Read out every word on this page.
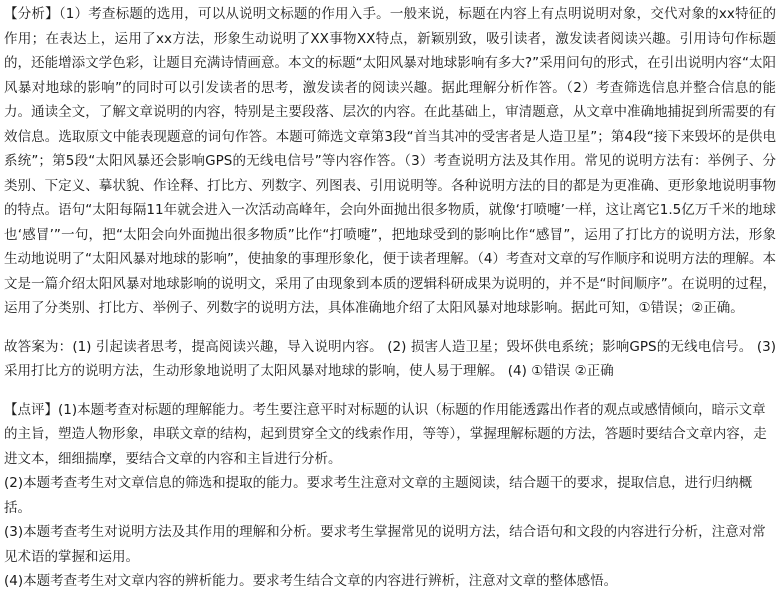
【分析】（1）考查标题的选用，可以从说明文标题的作用入手。一般来说，标题在内容上有点明说明对象，交代对象的xx特征的作用；在表达上，运用了xx方法，形象生动说明了XX事物XX特点，新颖别致，吸引读者，激发读者阅读兴趣。引用诗句作标题的，还能增添文学色彩，让题目充满诗情画意。本文的标题“太阳风暴对地球影响有多大?”采用问句的形式，在引出说明内容“太阳风暴对地球的影响”的同时可以引发读者的思考，激发读者的阅读兴趣。据此理解分析作答。（2）考查筛选信息并整合信息的能力。通读全文，了解文章说明的内容，特别是主要段落、层次的内容。在此基础上，审清题意，从文章中准确地捕捉到所需要的有效信息。选取原文中能表现题意的词句作答。本题可筛选文章第3段“首当其冲的受害者是人造卫星”；第4段“接下来毁坏的是供电系统”；第5段“太阳风暴还会影响GPS的无线电信号”等内容作答。（3）考查说明方法及其作用。常见的说明方法有：举例子、分类别、下定义、摹状貌、作诠释、打比方、列数字、列图表、引用说明等。各种说明方法的目的都是为更准确、更形象地说明事物的特点。语句“太阳每隔11年就会进入一次活动高峰年，会向外面抛出很多物质，就像‘打喷嚏’一样，这让离它1.5亿万千米的地球也‘感冒’”一句，把“太阳会向外面抛出很多物质”比作“打喷嚏”，把地球受到的影响比作“感冒”，运用了打比方的说明方法，形象生动地说明了“太阳风暴对地球的影响”，使抽象的事理形象化，便于读者理解。（4）考查对文章的写作顺序和说明方法的理解。本文是一篇介绍太阳风暴对地球影响的说明文，采用了由现象到本质的逻辑科研成果为说明的，并不是“时间顺序”。在说明的过程，运用了分类别、打比方、举例子、列数字的说明方法，具体准确地介绍了太阳风暴对地球影响。据此可知，①错误；②正确。

故答案为：(1) 引起读者思考，提高阅读兴趣，导入说明内容。 (2) 损害人造卫星；毁坏供电系统；影响GPS的无线电信号。 (3) 采用打比方的说明方法，生动形象地说明了太阳风暴对地球的影响，使人易于理解。 (4) ①错误 ②正确

【点评】(1)本题考查对标题的理解能力。考生要注意平时对标题的认识（标题的作用能透露出作者的观点或感情倾向，暗示文章的主旨，塑造人物形象，串联文章的结构，起到贯穿全文的线索作用，等等），掌握理解标题的方法，答题时要结合文章内容，走进文本，细细揣摩，要结合文章的内容和主旨进行分析。

(2)本题考查考生对文章信息的筛选和提取的能力。要求考生注意对文章的主题阅读，结合题干的要求，提取信息，进行归纳概括。

(3)本题考查考生对说明方法及其作用的理解和分析。要求考生掌握常见的说明方法，结合语句和文段的内容进行分析，注意对常见术语的掌握和运用。

(4)本题考查考生对文章内容的辨析能力。要求考生结合文章的内容进行辨析，注意对文章的整体感悟。
